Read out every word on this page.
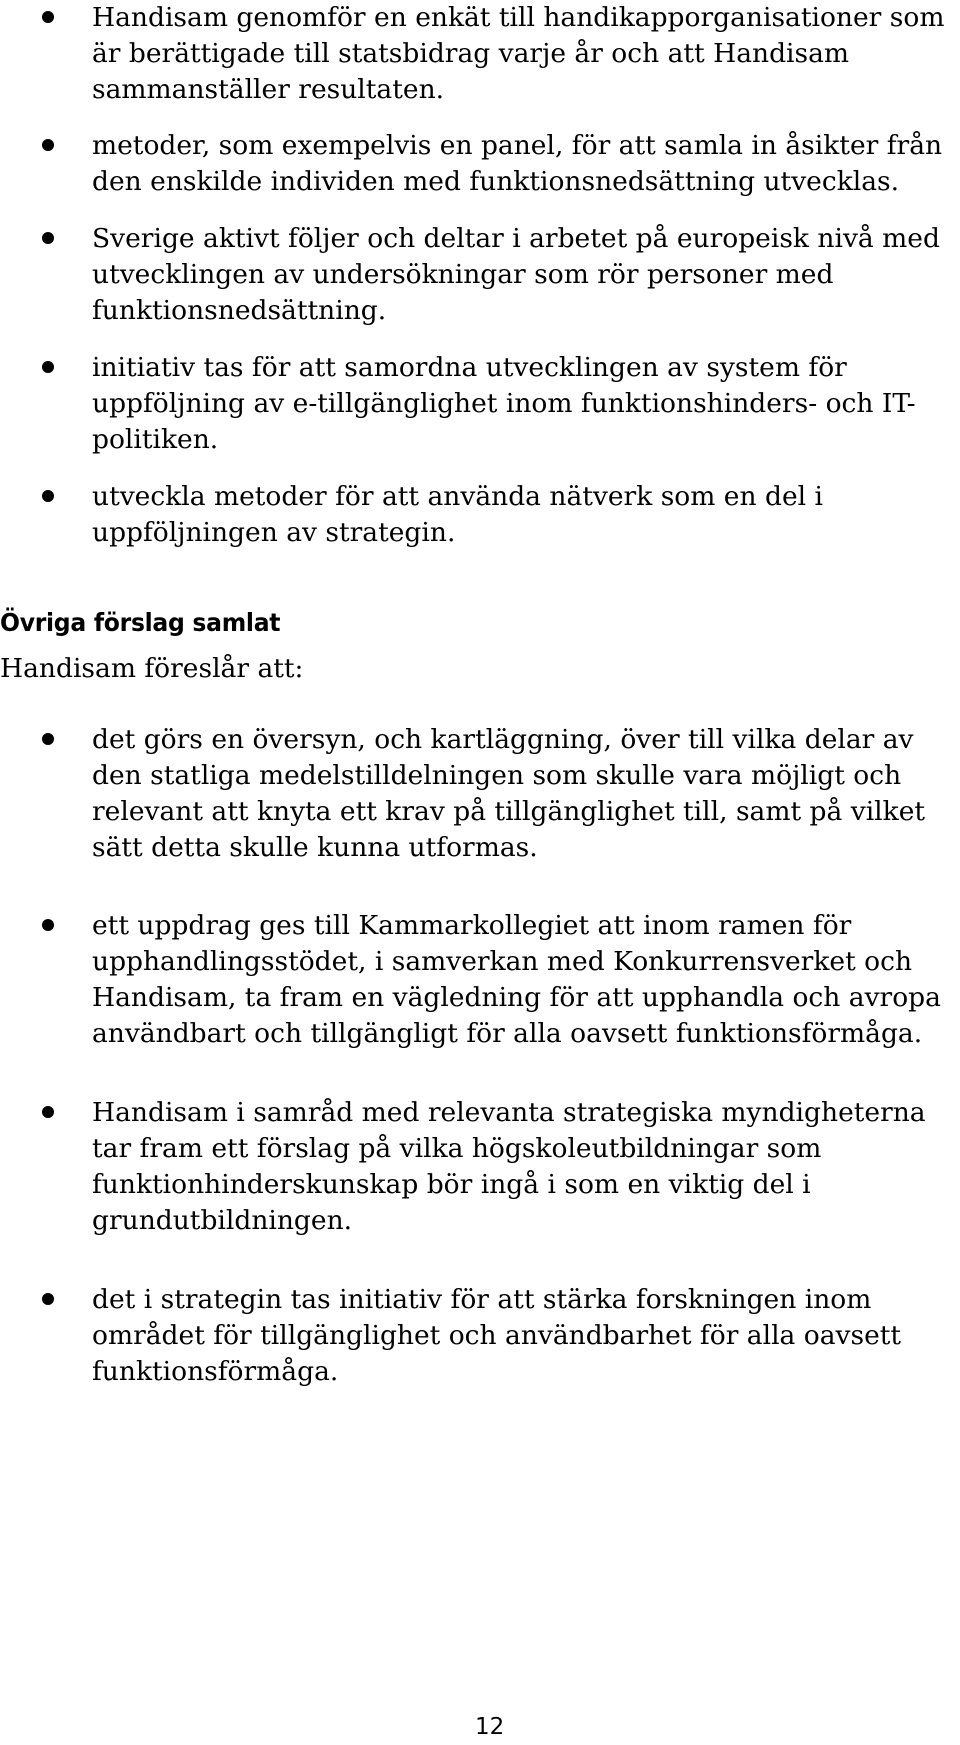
Handisam genomför en enkät till handikapporganisationer som är berättigade till statsbidrag varje år och att Handisam sammanställer resultaten.
metoder, som exempelvis en panel, för att samla in åsikter från den enskilde individen med funktionsnedsättning utvecklas.
Sverige aktivt följer och deltar i arbetet på europeisk nivå med utvecklingen av undersökningar som rör personer med funktionsnedsättning.
initiativ tas för att samordna utvecklingen av system för uppföljning av e-tillgänglighet inom funktionshinders- och IT-politiken.
utveckla metoder för att använda nätverk som en del i uppföljningen av strategin.
Övriga förslag samlat

Handisam föreslår att:

det görs en översyn, och kartläggning, över till vilka delar av den statliga medelstilldelningen som skulle vara möjligt och relevant att knyta ett krav på tillgänglighet till, samt på vilket sätt detta skulle kunna utformas.
ett uppdrag ges till Kammarkollegiet att inom ramen för upphandlingsstödet, i samverkan med Konkurrensverket och Handisam, ta fram en vägledning för att upphandla och avropa användbart och tillgängligt för alla oavsett funktionsförmåga.
Handisam i samråd med relevanta strategiska myndigheterna tar fram ett förslag på vilka högskoleutbildningar som funktionhinderskunskap bör ingå i som en viktig del i grundutbildningen.
det i strategin tas initiativ för att stärka forskningen inom området för tillgänglighet och användbarhet för alla oavsett funktionsförmåga.
12
